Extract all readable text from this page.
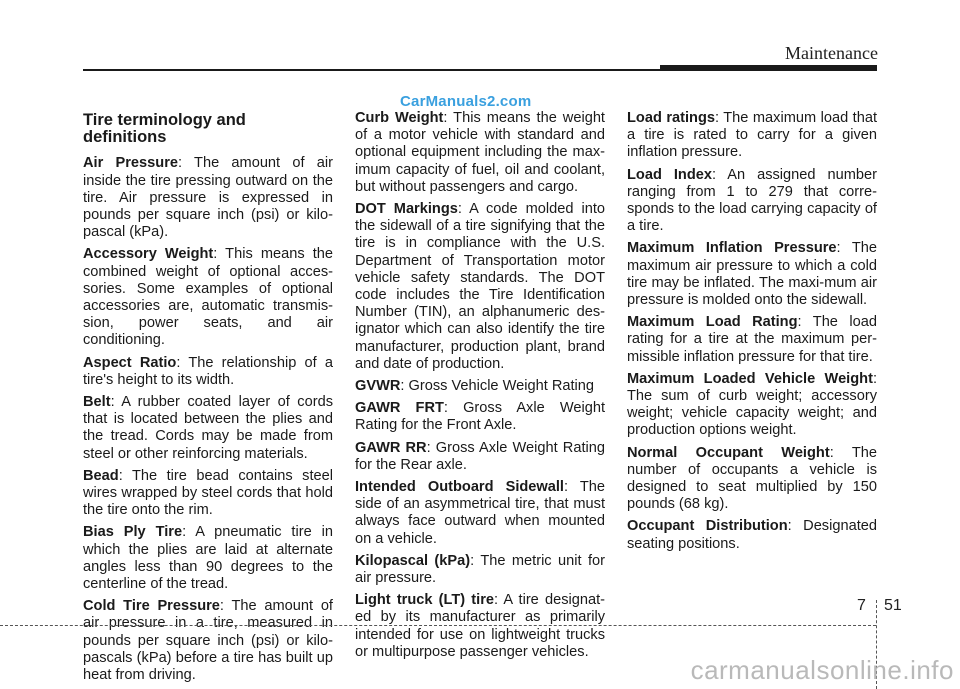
Maintenance
CarManuals2.com
Tire terminology and definitions

Air Pressure: The amount of air inside the tire pressing outward on the tire. Air pressure is expressed in pounds per square inch (psi) or kilo-pascal (kPa).

Accessory Weight: This means the combined weight of optional acces-sories. Some examples of optional accessories are, automatic transmis-sion, power seats, and air conditioning.

Aspect Ratio: The relationship of a tire's height to its width.

Belt: A rubber coated layer of cords that is located between the plies and the tread. Cords may be made from steel or other reinforcing materials.

Bead: The tire bead contains steel wires wrapped by steel cords that hold the tire onto the rim.

Bias Ply Tire: A pneumatic tire in which the plies are laid at alternate angles less than 90 degrees to the centerline of the tread.

Cold Tire Pressure: The amount of air pressure in a tire, measured in pounds per square inch (psi) or kilo-pascals (kPa) before a tire has built up heat from driving.

Curb Weight: This means the weight of a motor vehicle with standard and optional equipment including the max-imum capacity of fuel, oil and coolant, but without passengers and cargo.

DOT Markings: A code molded into the sidewall of a tire signifying that the tire is in compliance with the U.S. Department of Transportation motor vehicle safety standards. The DOT code includes the Tire Identification Number (TIN), an alphanumeric des-ignator which can also identify the tire manufacturer, production plant, brand and date of production.

GVWR: Gross Vehicle Weight Rating

GAWR FRT: Gross Axle Weight Rating for the Front Axle.

GAWR RR: Gross Axle Weight Rating for the Rear axle.

Intended Outboard Sidewall: The side of an asymmetrical tire, that must always face outward when mounted on a vehicle.

Kilopascal (kPa): The metric unit for air pressure.

Light truck (LT) tire: A tire designat-ed by its manufacturer as primarily intended for use on lightweight trucks or multipurpose passenger vehicles.

Load ratings: The maximum load that a tire is rated to carry for a given inflation pressure.

Load Index: An assigned number ranging from 1 to 279 that corre-sponds to the load carrying capacity of a tire.

Maximum Inflation Pressure: The maximum air pressure to which a cold tire may be inflated. The maxi-mum air pressure is molded onto the sidewall.

Maximum Load Rating: The load rating for a tire at the maximum per-missible inflation pressure for that tire.

Maximum Loaded Vehicle Weight: The sum of curb weight; accessory weight; vehicle capacity weight; and production options weight.

Normal Occupant Weight: The number of occupants a vehicle is designed to seat multiplied by 150 pounds (68 kg).

Occupant Distribution: Designated seating positions.

7 51
carmanualsonline.info
